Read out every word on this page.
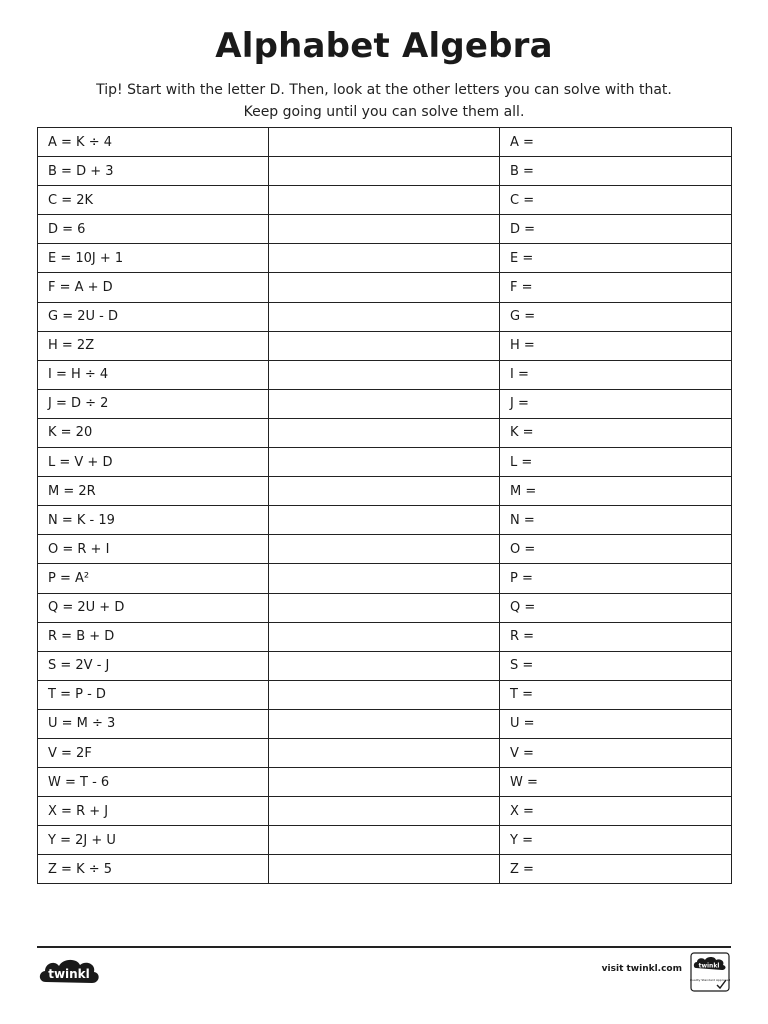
Alphabet Algebra
Tip! Start with the letter D. Then, look at the other letters you can solve with that.
Keep going until you can solve them all.
A = K ÷ 4		A =
B = D + 3		B =
C = 2K		C =
D = 6		D =
E = 10J + 1		E =
F = A + D		F =
G = 2U - D		G =
H = 2Z		H =
I = H ÷ 4		I =
J = D ÷ 2		J =
K = 20		K =
L = V + D		L =
M = 2R		M =
N = K - 19		N =
O = R + I		O =
P = A²		P =
Q = 2U + D		Q =
R = B + D		R =
S = 2V - J		S =
T = P - D		T =
U = M ÷ 3		U =
V = 2F		V =
W = T - 6		W =
X = R + J		X =
Y = 2J + U		Y =
Z = K ÷ 5		Z =
twinkl	visit twinkl.com	twinkl
Quality Standard Approved
